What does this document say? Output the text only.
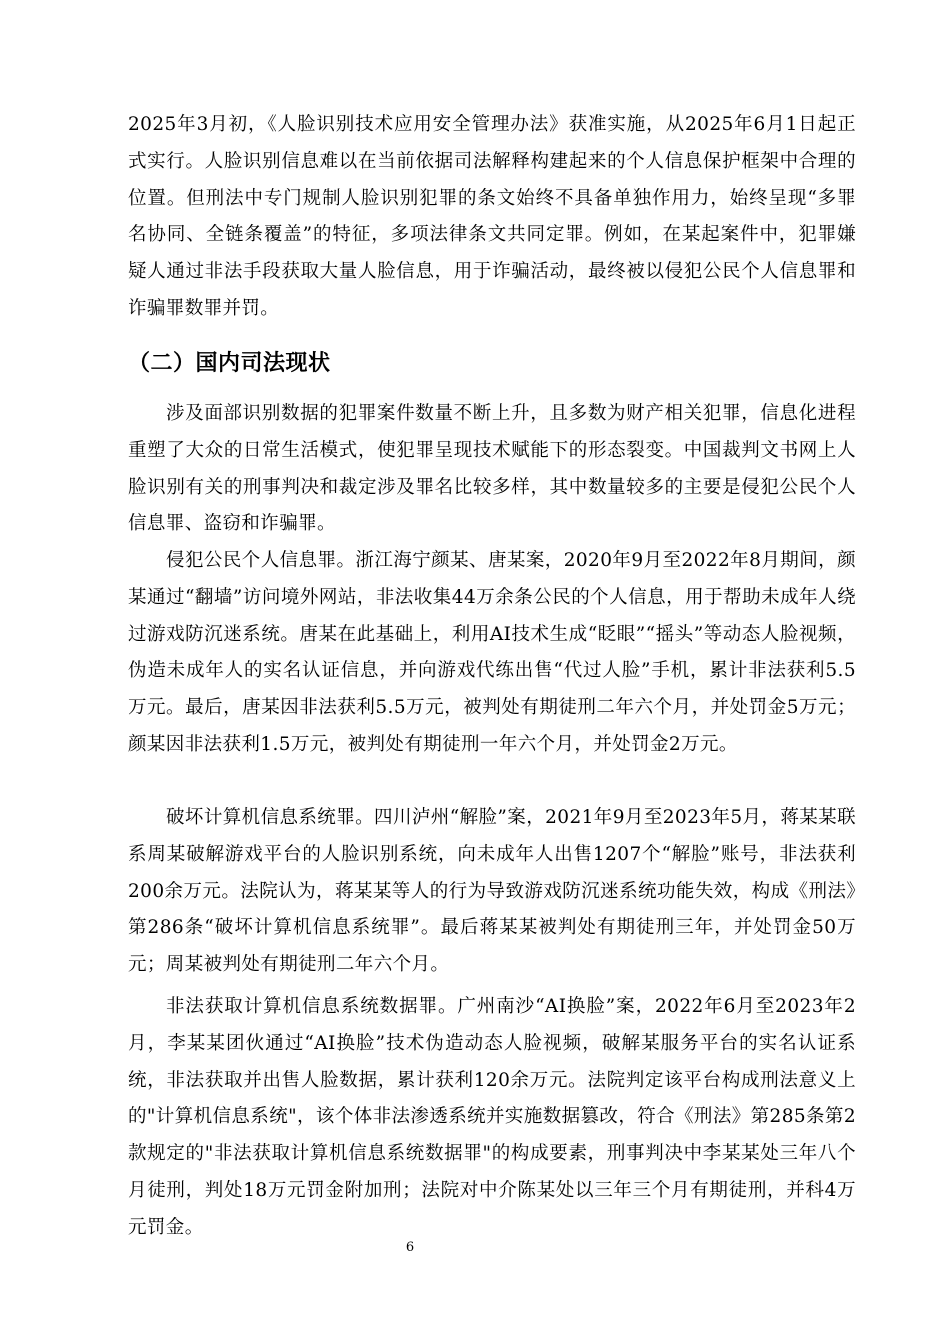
2025年3月初，《人脸识别技术应用安全管理办法》获准实施，从2025年6月1日起正式实行。人脸识别信息难以在当前依据司法解释构建起来的个人信息保护框架中合理的位置。但刑法中专门规制人脸识别犯罪的条文始终不具备单独作用力，始终呈现“多罪名协同、全链条覆盖”的特征，多项法律条文共同定罪。例如，在某起案件中，犯罪嫌疑人通过非法手段获取大量人脸信息，用于诈骗活动，最终被以侵犯公民个人信息罪和诈骗罪数罪并罚。

（二）国内司法现状

涉及面部识别数据的犯罪案件数量不断上升，且多数为财产相关犯罪，信息化进程重塑了大众的日常生活模式，使犯罪呈现技术赋能下的形态裂变。中国裁判文书网上人脸识别有关的刑事判决和裁定涉及罪名比较多样，其中数量较多的主要是侵犯公民个人信息罪、盗窃和诈骗罪。

侵犯公民个人信息罪。浙江海宁颜某、唐某案，2020年9月至2022年8月期间，颜某通过“翻墙”访问境外网站，非法收集44万余条公民的个人信息，用于帮助未成年人绕过游戏防沉迷系统。唐某在此基础上，利用AI技术生成“眨眼”“摇头”等动态人脸视频，伪造未成年人的实名认证信息，并向游戏代练出售“代过人脸”手机，累计非法获利5.5万元。最后，唐某因非法获利5.5万元，被判处有期徒刑二年六个月，并处罚金5万元；颜某因非法获利1.5万元，被判处有期徒刑一年六个月，并处罚金2万元。

破坏计算机信息系统罪。四川泸州“解脸”案，2021年9月至2023年5月，蒋某某联系周某破解游戏平台的人脸识别系统，向未成年人出售1207个“解脸”账号，非法获利200余万元。法院认为，蒋某某等人的行为导致游戏防沉迷系统功能失效，构成《刑法》第286条“破坏计算机信息系统罪”。最后蒋某某被判处有期徒刑三年，并处罚金50万元；周某被判处有期徒刑二年六个月。

非法获取计算机信息系统数据罪。广州南沙“AI换脸”案，2022年6月至2023年2月，李某某团伙通过“AI换脸”技术伪造动态人脸视频，破解某服务平台的实名认证系统，非法获取并出售人脸数据，累计获利120余万元。法院判定该平台构成刑法意义上的"计算机信息系统"，该个体非法渗透系统并实施数据篡改，符合《刑法》第285条第2款规定的"非法获取计算机信息系统数据罪"的构成要素，刑事判决中李某某处三年八个月徒刑，判处18万元罚金附加刑；法院对中介陈某处以三年三个月有期徒刑，并科4万元罚金。

6
